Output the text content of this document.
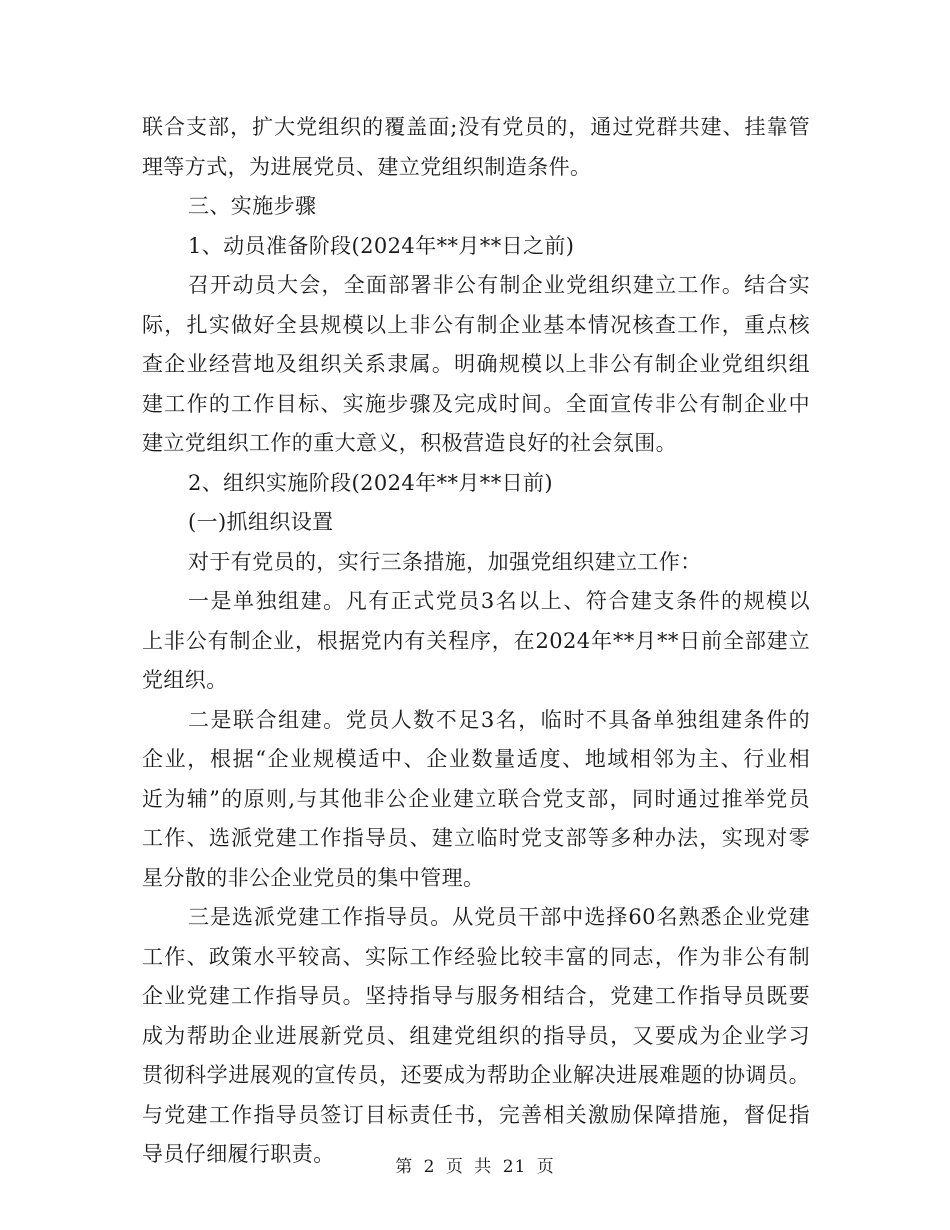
联合支部，扩大党组织的覆盖面;没有党员的，通过党群共建、挂靠管
理等方式，为进展党员、建立党组织制造条件。
三、实施步骤
1、动员准备阶段(2024年**月**日之前)
召开动员大会，全面部署非公有制企业党组织建立工作。结合实
际，扎实做好全县规模以上非公有制企业基本情况核查工作，重点核
查企业经营地及组织关系隶属。明确规模以上非公有制企业党组织组
建工作的工作目标、实施步骤及完成时间。全面宣传非公有制企业中
建立党组织工作的重大意义，积极营造良好的社会氛围。
2、组织实施阶段(2024年**月**日前)
(一)抓组织设置
对于有党员的，实行三条措施，加强党组织建立工作：
一是单独组建。凡有正式党员3名以上、符合建支条件的规模以
上非公有制企业，根据党内有关程序，在2024年**月**日前全部建立
党组织。
二是联合组建。党员人数不足3名，临时不具备单独组建条件的
企业，根据“企业规模适中、企业数量适度、地域相邻为主、行业相
近为辅”的原则,与其他非公企业建立联合党支部，同时通过推举党员
工作、选派党建工作指导员、建立临时党支部等多种办法，实现对零
星分散的非公企业党员的集中管理。
三是选派党建工作指导员。从党员干部中选择60名熟悉企业党建
工作、政策水平较高、实际工作经验比较丰富的同志，作为非公有制
企业党建工作指导员。坚持指导与服务相结合，党建工作指导员既要
成为帮助企业进展新党员、组建党组织的指导员，又要成为企业学习
贯彻科学进展观的宣传员，还要成为帮助企业解决进展难题的协调员。
与党建工作指导员签订目标责任书，完善相关激励保障措施，督促指
导员仔细履行职责。
第 2 页 共 21 页
